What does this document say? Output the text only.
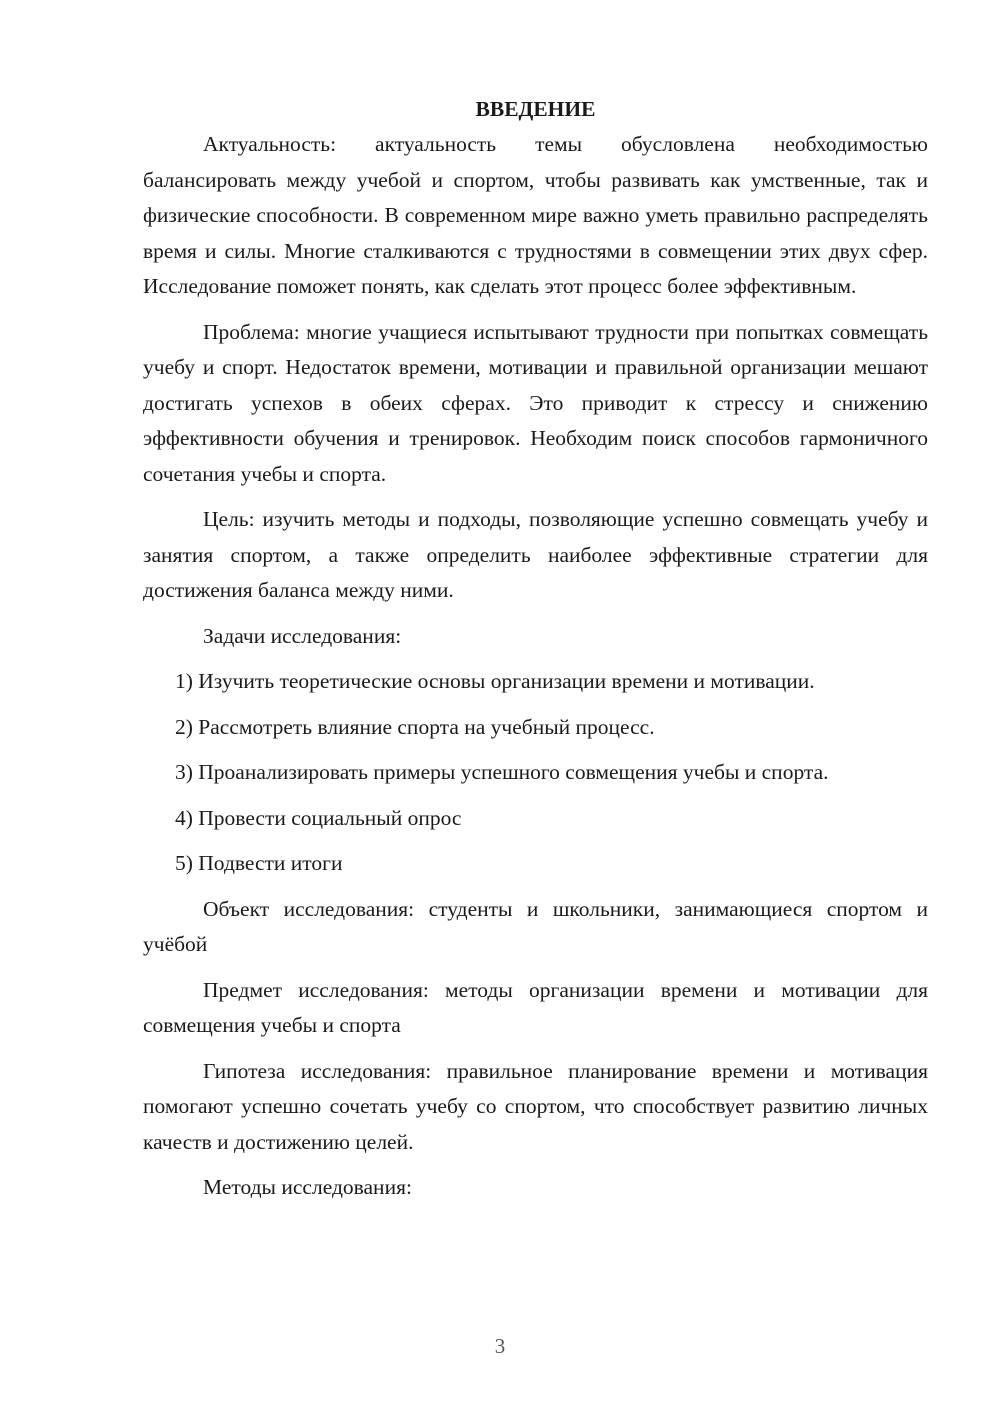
ВВЕДЕНИЕ

Актуальность: актуальность темы обусловлена необходимостью балансировать между учебой и спортом, чтобы развивать как умственные, так и физические способности. В современном мире важно уметь правильно распределять время и силы. Многие сталкиваются с трудностями в совмещении этих двух сфер. Исследование поможет понять, как сделать этот процесс более эффективным.

Проблема: многие учащиеся испытывают трудности при попытках совмещать учебу и спорт. Недостаток времени, мотивации и правильной организации мешают достигать успехов в обеих сферах. Это приводит к стрессу и снижению эффективности обучения и тренировок. Необходим поиск способов гармоничного сочетания учебы и спорта.

Цель: изучить методы и подходы, позволяющие успешно совмещать учебу и занятия спортом, а также определить наиболее эффективные стратегии для достижения баланса между ними.

Задачи исследования:

1) Изучить теоретические основы организации времени и мотивации.

2) Рассмотреть влияние спорта на учебный процесс.

3) Проанализировать примеры успешного совмещения учебы и спорта.

4) Провести социальный опрос

5) Подвести итоги

Объект исследования: студенты и школьники, занимающиеся спортом и учёбой

Предмет исследования: методы организации времени и мотивации для совмещения учебы и спорта

Гипотеза исследования: правильное планирование времени и мотивация помогают успешно сочетать учебу со спортом, что способствует развитию личных качеств и достижению целей.

Методы исследования:

3
